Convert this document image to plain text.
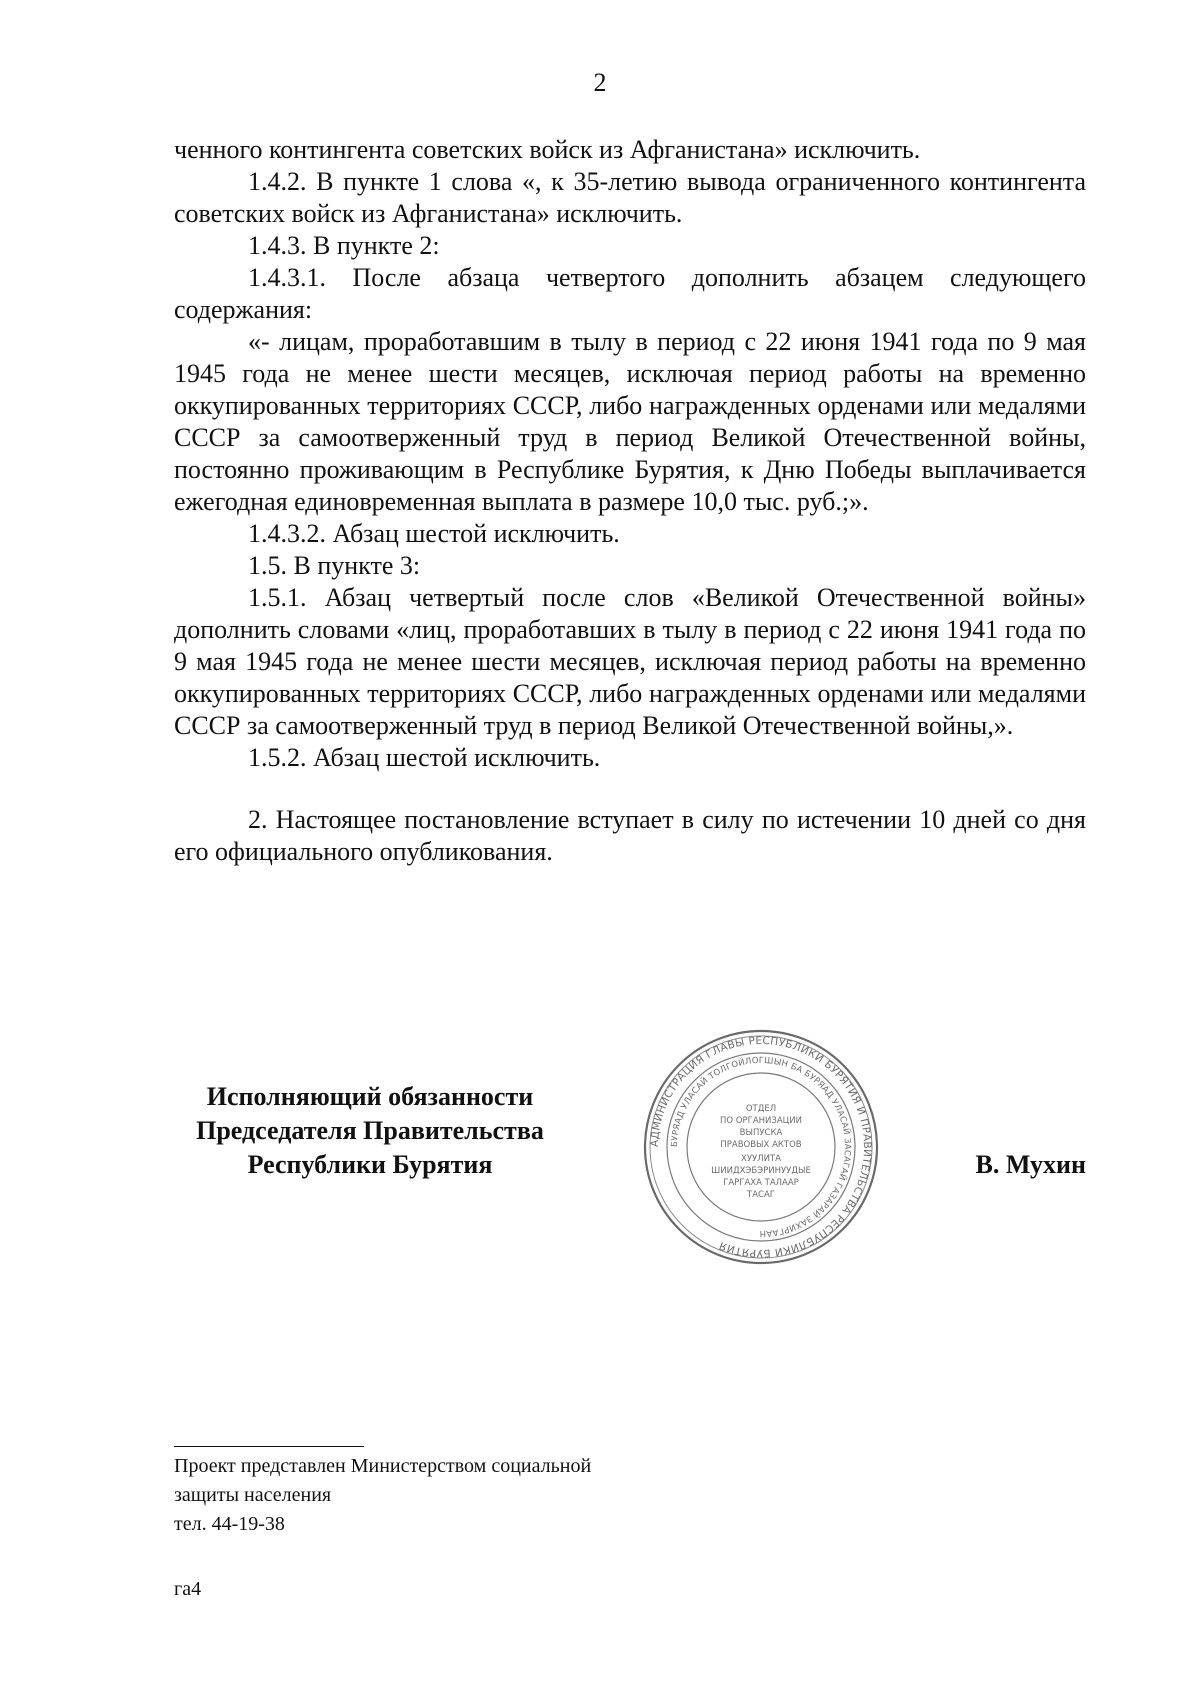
2

ченного контингента советских войск из Афганистана» исключить.

1.4.2. В пункте 1 слова «, к 35-летию вывода ограниченного контингента советских войск из Афганистана» исключить.

1.4.3. В пункте 2:

1.4.3.1. После абзаца четвертого дополнить абзацем следующего содержания:

«- лицам, проработавшим в тылу в период с 22 июня 1941 года по 9 мая 1945 года не менее шести месяцев, исключая период работы на временно оккупированных территориях СССР, либо награжденных орденами или медалями СССР за самоотверженный труд в период Великой Отечественной войны, постоянно проживающим в Республике Бурятия, к Дню Победы выплачивается ежегодная единовременная выплата в размере 10,0 тыс. руб.;».

1.4.3.2. Абзац шестой исключить.

1.5. В пункте 3:

1.5.1. Абзац четвертый после слов «Великой Отечественной войны» дополнить словами «лиц, проработавших в тылу в период с 22 июня 1941 года по 9 мая 1945 года не менее шести месяцев, исключая период работы на временно оккупированных территориях СССР, либо награжденных орденами или медалями СССР за самоотверженный труд в период Великой Отечественной войны,».

1.5.2. Абзац шестой исключить.

2. Настоящее постановление вступает в силу по истечении 10 дней со дня его официального опубликования.

Исполняющий обязанности
Председателя Правительства
Республики Бурятия
АДМИНИСТРАЦИЯ ГЛАВЫ РЕСПУБЛИКИ БУРЯТИЯ И ПРАВИТЕЛЬСТВА РЕСПУБЛИКИ БУРЯТИЯ
БУРЯАД УЛАСАЙ ТОЛГОЙЛОГШЫН БА БУРЯАД УЛАСАЙ ЗАСАГАЙ ГАЗАРАЙ ЗАХИРГААН
ОТДЕЛ
ПО ОРГАНИЗАЦИИ
ВЫПУСКА
ПРАВОВЫХ АКТОВ
ХУУЛИТА
ШИИДХЭБЭРИНУУДЫЕ
ГАРГАХА ТАЛААР
ТАСАГ
В. Мухин
Проект представлен Министерством социальной
защиты населения
тел. 44-19-38
га4
